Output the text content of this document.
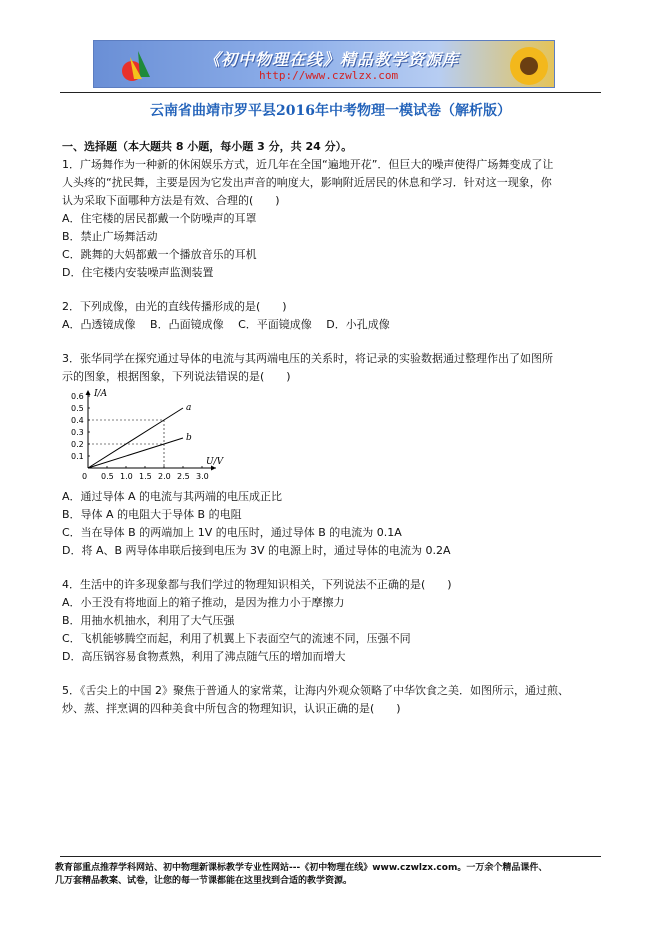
《初中物理在线》精品教学资源库
http://www.czwlzx.com
云南省曲靖市罗平县2016年中考物理一模试卷（解析版）
一、选择题（本大题共 8 小题，每小题 3 分，共 24 分）。
1．广场舞作为一种新的休闲娱乐方式，近几年在全国“遍地开花”．但巨大的噪声使得广场舞变成了让
人头疼的“扰民舞，主要是因为它发出声音的响度大，影响附近居民的休息和学习．针对这一现象，你
认为采取下面哪种方法是有效、合理的(　　)
A．住宅楼的居民都戴一个防噪声的耳罩
B．禁止广场舞活动
C．跳舞的大妈都戴一个播放音乐的耳机
D．住宅楼内安装噪声监测装置
2．下列成像，由光的直线传播形成的是(　　)
A．凸透镜成像　 B．凸面镜成像　 C．平面镜成像　 D．小孔成像
3．张华同学在探究通过导体的电流与其两端电压的关系时，将记录的实验数据通过整理作出了如图所
示的图象，根据图象，下列说法错误的是(　　)
I/A
U/V
0 0.5 1.0 1.5 2.0 2.5 3.0
0.6
0.5
0.4
0.3
0.2
0.1
a
b
A．通过导体 A 的电流与其两端的电压成正比
B．导体 A 的电阻大于导体 B 的电阻
C．当在导体 B 的两端加上 1V 的电压时，通过导体 B 的电流为 0.1A
D．将 A、B 两导体串联后接到电压为 3V 的电源上时，通过导体的电流为 0.2A
4．生活中的许多现象都与我们学过的物理知识相关，下列说法不正确的是(　　)
A．小王没有将地面上的箱子推动，是因为推力小于摩擦力
B．用抽水机抽水，利用了大气压强
C．飞机能够腾空而起，利用了机翼上下表面空气的流速不同，压强不同
D．高压锅容易食物煮熟，利用了沸点随气压的增加而增大
5．《舌尖上的中国 2》聚焦于普通人的家常菜，让海内外观众领略了中华饮食之美．如图所示，通过煎、
炒、蒸、拌烹调的四种美食中所包含的物理知识，认识正确的是(　　)
教育部重点推荐学科网站、初中物理新课标教学专业性网站---《初中物理在线》www.czwlzx.com。一万余个精品课件、
几万套精品教案、试卷，让您的每一节课都能在这里找到合适的教学资源。
